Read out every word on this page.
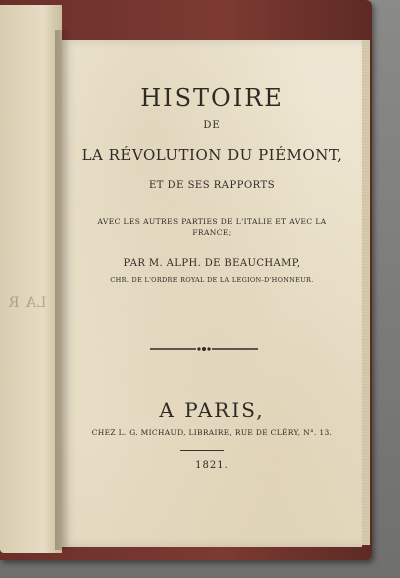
LA R
HISTOIRE
DE
LA RÉVOLUTION DU PIÉMONT,
ET DE SES RAPPORTS
AVEC LES AUTRES PARTIES DE L'ITALIE ET AVEC LA FRANCE;
PAR M. ALPH. DE BEAUCHAMP,
CHR. DE L'ORDRE ROYAL DE LA LEGION-D'HONNEUR.
A PARIS,
CHEZ L. G. MICHAUD, LIBRAIRE, RUE DE CLÉRY, N°. 13.
1821.
